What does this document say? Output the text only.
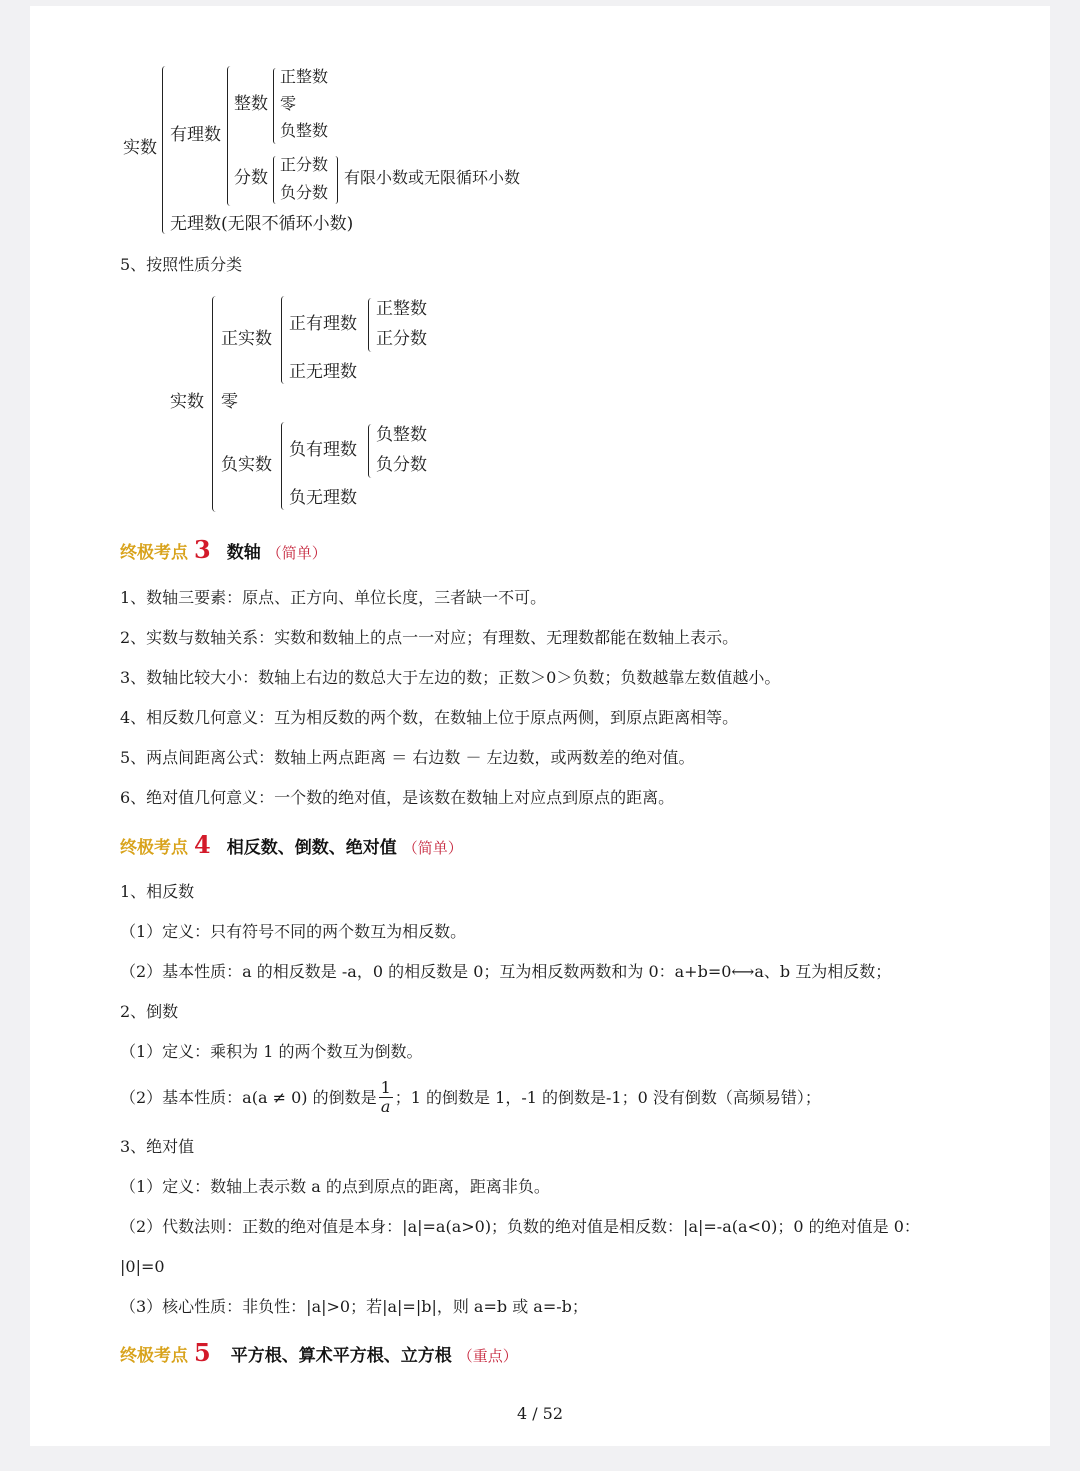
实数
有理数
整数
正整数
零
负整数
分数
正分数
负分数
有限小数或无限循环小数
无理数(无限不循环小数)
5、按照性质分类
实数
正实数
正有理数
正整数
正分数
正无理数
零
负实数
负有理数
负整数
负分数
负无理数
终极考点 3 数轴 （简单）
1、数轴三要素：原点、正方向、单位长度，三者缺一不可。
2、实数与数轴关系：实数和数轴上的点一一对应；有理数、无理数都能在数轴上表示。
3、数轴比较大小：数轴上右边的数总大于左边的数；正数＞0＞负数；负数越靠左数值越小。
4、相反数几何意义：互为相反数的两个数，在数轴上位于原点两侧，到原点距离相等。
5、两点间距离公式：数轴上两点距离 ＝ 右边数 － 左边数，或两数差的绝对值。
6、绝对值几何意义：一个数的绝对值，是该数在数轴上对应点到原点的距离。
终极考点 4 相反数、倒数、绝对值 （简单）
1、相反数
（1）定义：只有符号不同的两个数互为相反数。
（2）基本性质：a 的相反数是 -a，0 的相反数是 0；互为相反数两数和为 0：a+b=0⟷a、b 互为相反数；
2、倒数
（1）定义：乘积为 1 的两个数互为倒数。
（2）基本性质：a(a ≠ 0) 的倒数是 $\frac{1}{a}$ ；1 的倒数是 1，-1 的倒数是-1；0 没有倒数（高频易错）；
3、绝对值
（1）定义：数轴上表示数 a 的点到原点的距离，距离非负。
（2）代数法则：正数的绝对值是本身：|a|=a(a>0)；负数的绝对值是相反数：|a|=-a(a<0)；0 的绝对值是 0：
|0|=0
（3）核心性质：非负性：|a|>0；若|a|=|b|，则 a=b 或 a=-b；
终极考点 5 平方根、算术平方根、立方根 （重点）
4 / 52
